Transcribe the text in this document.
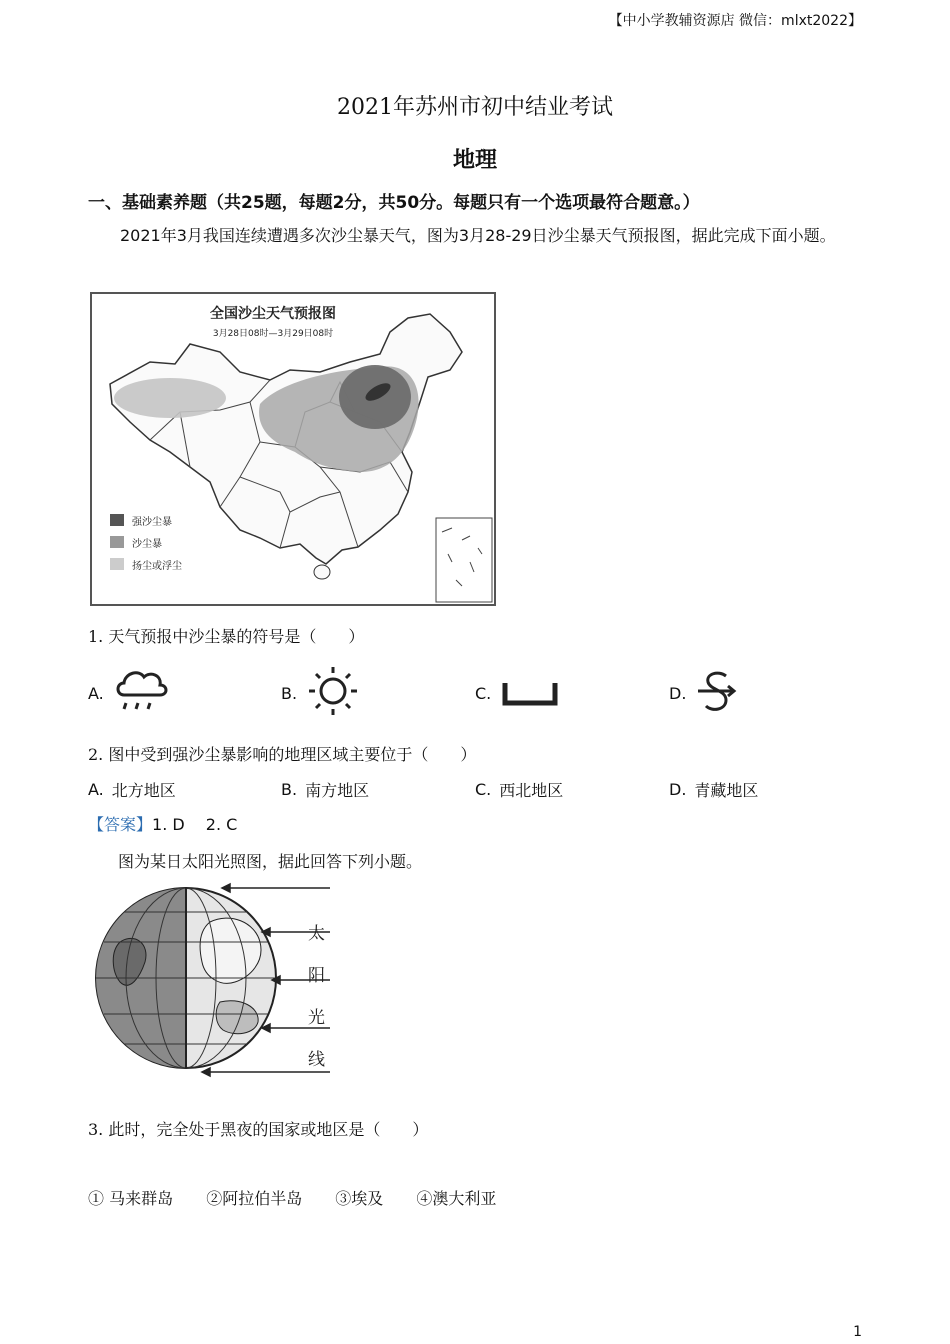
【中小学教辅资源店 微信：mlxt2022】
2021年苏州市初中结业考试
地理
一、基础素养题（共25题，每题2分，共50分。每题只有一个选项最符合题意。）
2021年3月我国连续遭遇多次沙尘暴天气，图为3月28-29日沙尘暴天气预报图，据此完成下面小题。
全国沙尘天气预报图
3月28日08时—3月29日08时
强沙尘暴
沙尘暴
扬尘或浮尘
1. 天气预报中沙尘暴的符号是（　　）
A.	B.	C.	D.
2. 图中受到强沙尘暴影响的地理区域主要位于（　　）
A. 北方地区	B. 南方地区	C. 西北地区	D. 青藏地区
【答案】1. D　 2. C
图为某日太阳光照图，据此回答下列小题。
太
阳
光
线
3. 此时，完全处于黑夜的国家或地区是（　　）
① 马来群岛 ②阿拉伯半岛 ③埃及 ④澳大利亚
1
